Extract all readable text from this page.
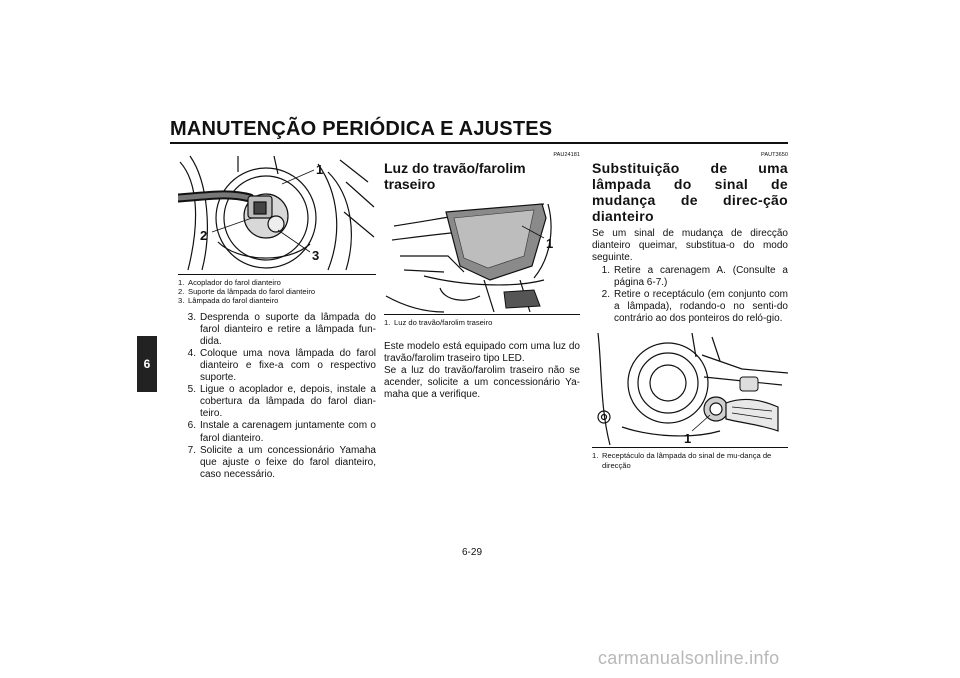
MANUTENÇÃO PERIÓDICA E AJUSTES
6
1
2
3
1. Acoplador do farol dianteiro
2. Suporte da lâmpada do farol dianteiro
3. Lâmpada do farol dianteiro
3. Desprenda o suporte da lâmpada do farol dianteiro e retire a lâmpada fun-dida.
4. Coloque uma nova lâmpada do farol dianteiro e fixe-a com o respectivo suporte.
5. Ligue o acoplador e, depois, instale a cobertura da lâmpada do farol dian-teiro.
6. Instale a carenagem juntamente com o farol dianteiro.
7. Solicite a um concessionário Yamaha que ajuste o feixe do farol dianteiro, caso necessário.
PAU24181
Luz do travão/farolim traseiro
1
1. Luz do travão/farolim traseiro

Este modelo está equipado com uma luz do travão/farolim traseiro tipo LED.

Se a luz do travão/farolim traseiro não se acender, solicite a um concessionário Ya-maha que a verifique.

PAUT3650
Substituição de uma lâmpada do sinal de mudança de direc-ção dianteiro

Se um sinal de mudança de direcção dianteiro queimar, substitua-o do modo seguinte.

1. Retire a carenagem A. (Consulte a página 6-7.)
2. Retire o receptáculo (em conjunto com a lâmpada), rodando-o no senti-do contrário ao dos ponteiros do reló-gio.
1
1. Receptáculo da lâmpada do sinal de mu-dança de direcção
6-29
carmanualsonline.info
